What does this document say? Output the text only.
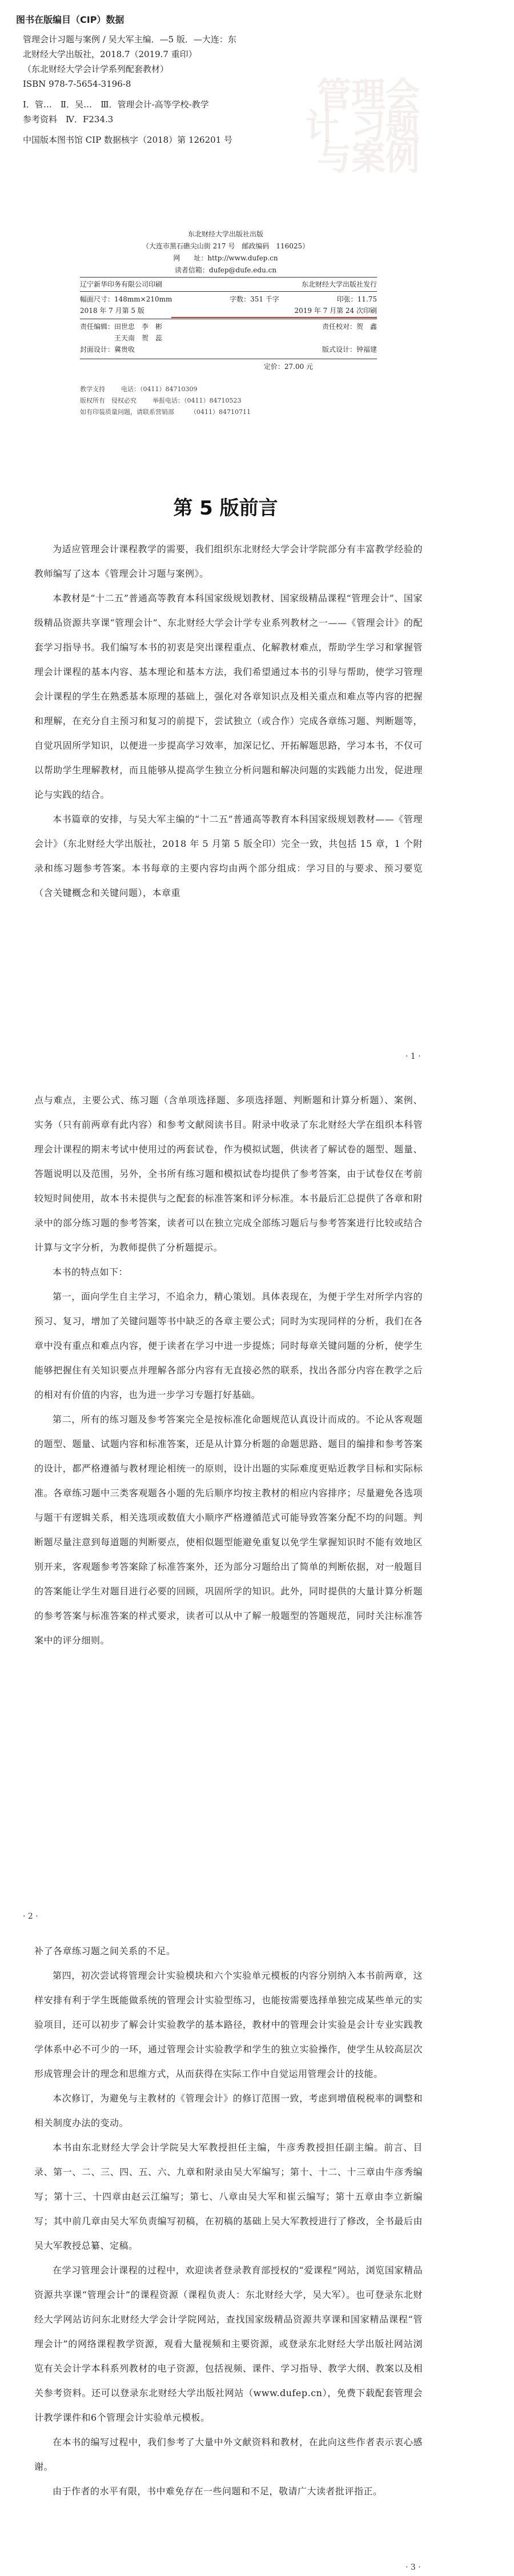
图书在版编目（CIP）数据
管理会计 习题与案例

管理会计习题与案例 / 吴大军主编．—5 版．—大连：东

北财经大学出版社，2018.7（2019.7 重印）

（东北财经大学会计学系列配套教材）

ISBN 978-7-5654-3196-8

Ⅰ．管…　Ⅱ．吴…　Ⅲ．管理会计-高等学校-教学

参考资料　Ⅳ．F234.3

中国版本图书馆 CIP 数据核字（2018）第 126201 号

东北财经大学出版社出版
（大连市黑石礁尖山街 217 号　邮政编码　116025）
网　　址：http://www.dufep.cn
读者信箱：dufep@dufe.edu.cn
辽宁新华印务有限公司印刷	东北财经大学出版社发行
幅面尺寸：148mm×210mm	字数：351 千字	印张：11.75
2018 年 7 月第 5 版	2019 年 7 月第 24 次印刷
责任编辑：田世忠　李　彬	责任校对：贺　鑫
王天南　贺　蕊
封面设计：冀贵收	版式设计：钟福建
定价：27.00 元
教学支持	电话：（0411）84710309
版权所有　侵权必究	举报电话：（0411）84710523
如有印装质量问题，请联系营销部	（0411）84710711
第 5 版前言

为适应管理会计课程教学的需要，我们组织东北财经大学会计学院部分有丰富教学经验的教师编写了这本《管理会计习题与案例》。

本教材是“十二五”普通高等教育本科国家级规划教材、国家级精品课程“管理会计”、国家级精品资源共享课“管理会计”、东北财经大学会计学专业系列教材之一——《管理会计》的配套学习指导书。我们编写本书的初衷是突出课程重点、化解教材难点，帮助学生学习和掌握管理会计课程的基本内容、基本理论和基本方法，我们希望通过本书的引导与帮助，使学习管理会计课程的学生在熟悉基本原理的基础上，强化对各章知识点及相关重点和难点等内容的把握和理解，在充分自主预习和复习的前提下，尝试独立（或合作）完成各章练习题、判断题等，自觉巩固所学知识，以便进一步提高学习效率，加深记忆、开拓解题思路，学习本书，不仅可以帮助学生理解教材，而且能够从提高学生独立分析问题和解决问题的实践能力出发，促进理论与实践的结合。

本书篇章的安排，与吴大军主编的“十二五”普通高等教育本科国家级规划教材——《管理会计》（东北财经大学出版社，2018 年 5 月第 5 版全印）完全一致，共包括 15 章，1 个附录和练习题参考答案。本书每章的主要内容均由两个部分组成：学习目的与要求、预习要览（含关键概念和关键问题），本章重

· 1 ·

点与难点，主要公式、练习题（含单项选择题、多项选择题、判断题和计算分析题）、案例、实务（只有前两章有此内容）和参考文献阅读书目。附录中收录了东北财经大学在组织本科管理会计课程的期末考试中使用过的两套试卷，作为模拟试题，供读者了解试卷的题型、题量、答题说明以及范围，另外，全书所有练习题和模拟试卷均提供了参考答案，由于试卷仅在考前较短时间使用，故本书未提供与之配套的标准答案和评分标准。本书最后汇总提供了各章和附录中的部分练习题的参考答案，读者可以在独立完成全部练习题后与参考答案进行比较或结合计算与文字分析，为教师提供了分析题提示。

本书的特点如下：

第一，面向学生自主学习，不追余力，精心策划。具体表现在，为便于学生对所学内容的预习、复习，增加了关键问题等书中缺乏的各章主要公式；同时为实现同样的分析，我们在各章中没有重点和难点内容，便于读者在学习中进一步提炼；同时每章关键问题的分析，使学生能够把握住有关知识要点并理解各部分内容有无直接必然的联系，找出各部分内容在教学之后的相对有价值的内容，也为进一步学习专题打好基础。

第二，所有的练习题及参考答案完全是按标准化命题规范认真设计而成的。不论从客观题的题型、题量、试题内容和标准答案，还是从计算分析题的命题思路、题目的编排和参考答案的设计，都严格遵循与教材理论相统一的原则，设计出题的实际难度更贴近教学目标和实际标准。各章练习题中三类客观题各小题的先后顺序均按主教材的相应内容排序；尽量避免各选项与题干有逻辑关系，相关选项或数值大小顺序严格遵循范式可能导致答案分配不均的问题。判断题尽量注意到每道题的判断要点，使相似题型能避免重复以免学生掌握知识时不能有效地区别开来，客观题参考答案除了标准答案外，还为部分习题给出了简单的判断依据，对一般题目的答案能让学生对题目进行必要的回顾，巩固所学的知识。此外，同时提供的大量计算分析题的参考答案与标准答案的样式要求，读者可以从中了解一般题型的答题规范，同时关注标准答案中的评分细则。

· 2 ·

补了各章练习题之间关系的不足。

第四，初次尝试将管理会计实验模块和六个实验单元模板的内容分别纳入本书前两章，这样安排有利于学生既能做系统的管理会计实验型练习，也能按需要选择单独完成某些单元的实验项目，还可以初步了解会计实验教学的基本路径，教材中的管理会计实验是会计专业实践教学体系中必不可少的一环，通过管理会计实验教学和学生的独立实验操作，使学生从较高层次形成管理会计的理念和思维方式，从而获得在实际工作中自觉运用管理会计的技能。

本次修订，为避免与主教材的《管理会计》的修订范围一致，考虑到增值税税率的调整和相关制度办法的变动。

本书由东北财经大学会计学院吴大军教授担任主编，牛彦秀教授担任副主编。前言、目录、第一、二、三、四、五、六、九章和附录由吴大军编写；第十、十二、十三章由牛彦秀编写；第十三、十四章由赵云江编写；第七、八章由吴大军和崔云编写；第十五章由李立新编写；其中前几章由吴大军负责编写初稿，在初稿的基础上吴大军教授进行了修改，全书最后由吴大军教授总纂、定稿。

在学习管理会计课程的过程中，欢迎读者登录教育部授权的“爱课程”网站，浏览国家精品资源共享课“管理会计”的课程资源（课程负责人：东北财经大学，吴大军）。也可登录东北财经大学网站访问东北财经大学会计学院网站，查找国家级精品资源共享课和国家精品课程“管理会计”的网络课程教学资源，观看大量视频和主要资源，或登录东北财经大学出版社网站浏览有关会计学本科系列教材的电子资源，包括视频、课件、学习指导、教学大纲、教案以及相关参考资料。还可以登录东北财经大学出版社网站（www.dufep.cn），免费下载配套管理会计教学课件和6个管理会计实验单元模板。

在本书的编写过程中，我们参考了大量中外文献资料和教材，在此向这些作者表示衷心感谢。

由于作者的水平有限，书中难免存在一些问题和不足，敬请广大读者批评指正。

· 3 ·
